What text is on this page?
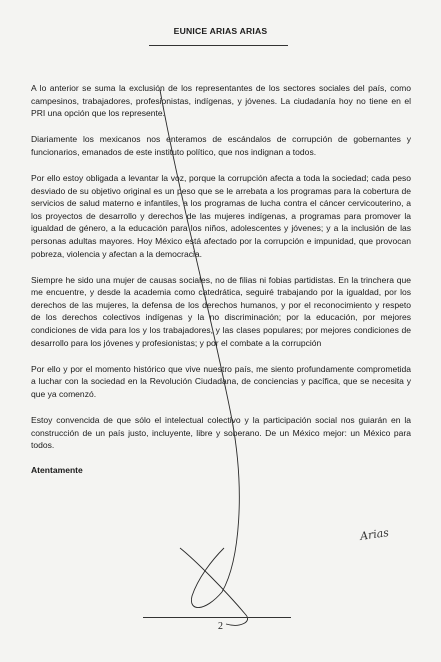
EUNICE ARIAS ARIAS

A lo anterior se suma la exclusión de los representantes de los sectores sociales del país, como campesinos, trabajadores, profesionistas, indígenas, y jóvenes. La ciudadanía hoy no tiene en el PRI una opción que los represente.

Diariamente los mexicanos nos enteramos de escándalos de corrupción de gobernantes y funcionarios, emanados de este instituto político, que nos indignan a todos.

Por ello estoy obligada a levantar la voz, porque la corrupción afecta a toda la sociedad; cada peso desviado de su objetivo original es un peso que se le arrebata a los programas para la cobertura de servicios de salud materno e infantiles, a los programas de lucha contra el cáncer cervicouterino, a los proyectos de desarrollo y derechos de las mujeres indígenas, a programas para promover la igualdad de género, a la educación para los niños, adolescentes y jóvenes; y a la inclusión de las personas adultas mayores. Hoy México está afectado por la corrupción e impunidad, que provocan pobreza, violencia y afectan a la democracia.

Siempre he sido una mujer de causas sociales, no de filias ni fobias partidistas. En la trinchera que me encuentre, y desde la academia como catedrática, seguiré trabajando por la igualdad, por los derechos de las mujeres, la defensa de los derechos humanos, y por el reconocimiento y respeto de los derechos colectivos indígenas y la no discriminación; por la educación, por mejores condiciones de vida para los y los trabajadores, y las clases populares; por mejores condiciones de desarrollo para los jóvenes y profesionistas; y por el combate a la corrupción

Por ello y por el momento histórico que vive nuestro país, me siento profundamente comprometida a luchar con la sociedad en la Revolución Ciudadana, de conciencias y pacífica, que se necesita y que ya comenzó.

Estoy convencida de que sólo el intelectual colectivo y la participación social nos guiarán en la construcción de un país justo, incluyente, libre y soberano. De un México mejor: un México para todos.

Atentamente
Arias
2
